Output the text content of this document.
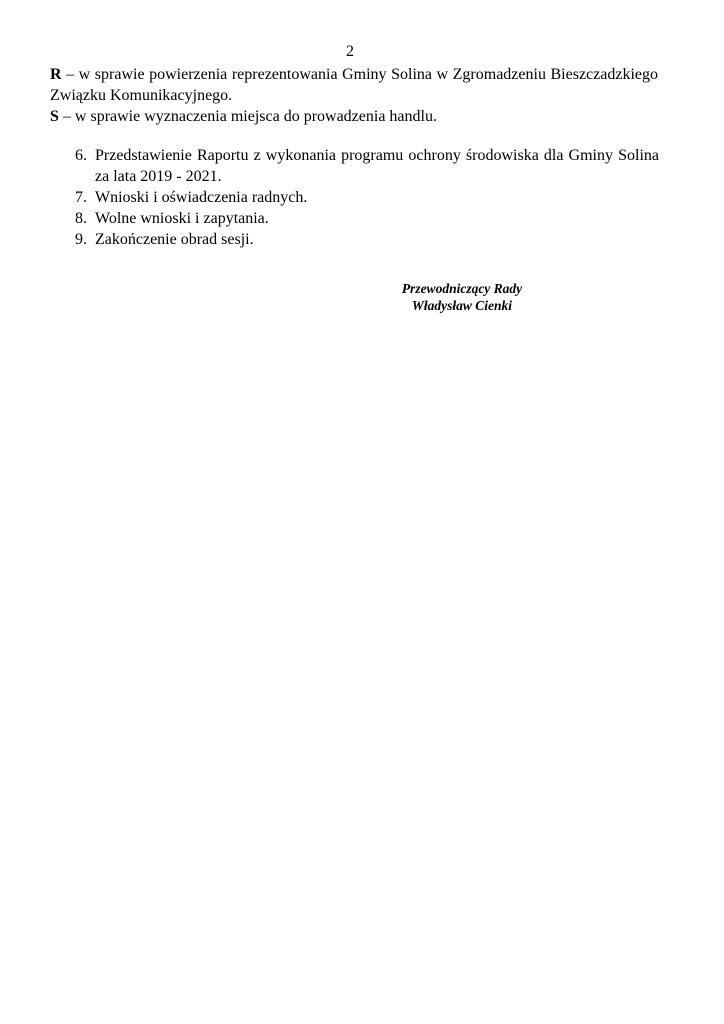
2

R – w sprawie powierzenia reprezentowania Gminy Solina w Zgromadzeniu Bieszczadzkiego Związku Komunikacyjnego.

S – w sprawie wyznaczenia miejsca do prowadzenia handlu.

6. Przedstawienie Raportu z wykonania programu ochrony środowiska dla Gminy Solina za lata 2019 - 2021.
7. Wnioski i oświadczenia radnych.
8. Wolne wnioski i zapytania.
9. Zakończenie obrad sesji.
Przewodniczący Rady
Władysław Cienki
